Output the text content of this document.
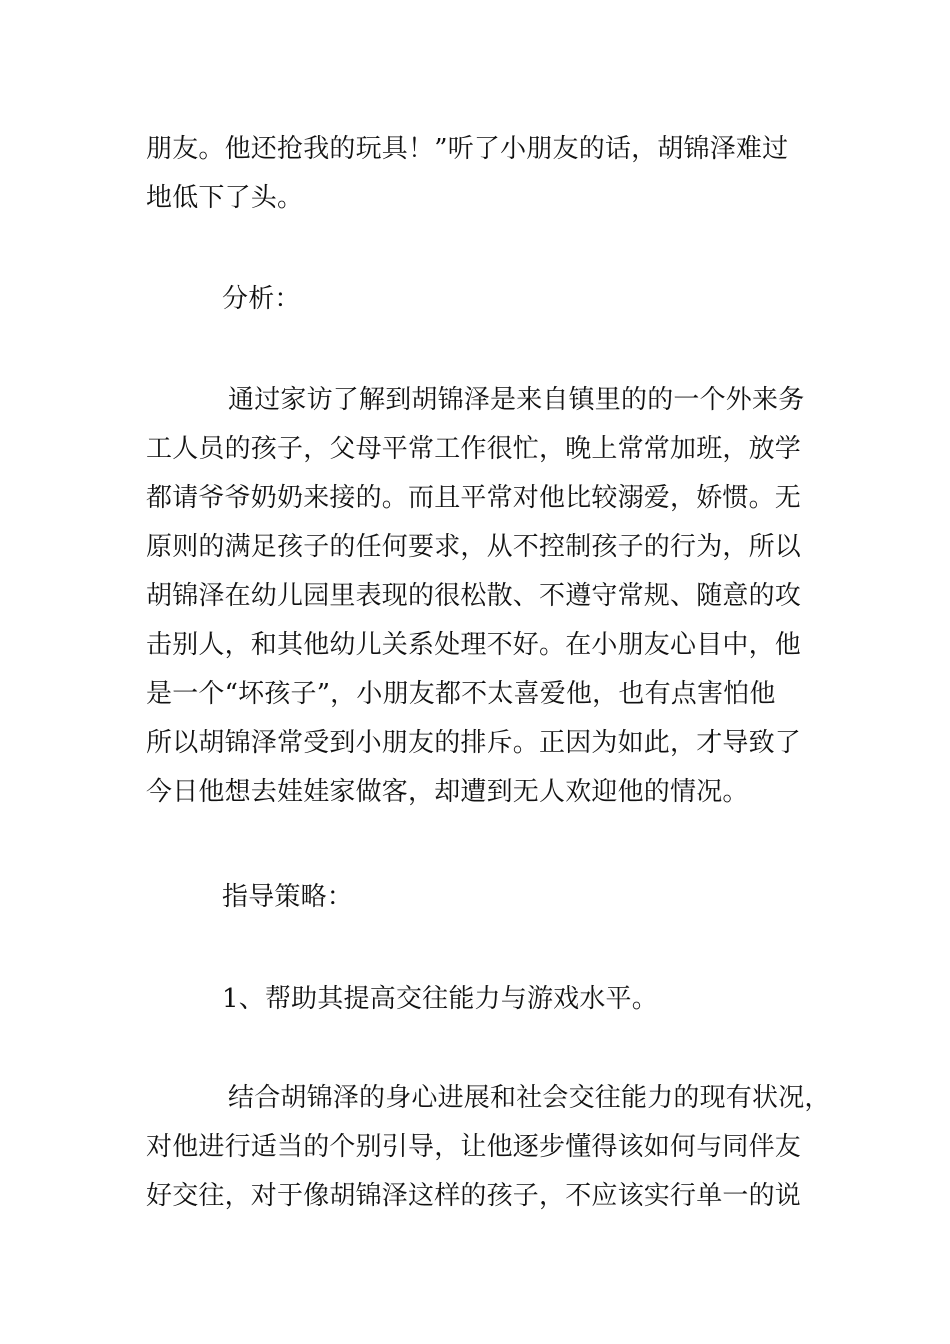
朋友。他还抢我的玩具！”听了小朋友的话，胡锦泽难过
地低下了头。
分析：
通过家访了解到胡锦泽是来自镇里的的一个外来务
工人员的孩子，父母平常工作很忙，晚上常常加班，放学
都请爷爷奶奶来接的。而且平常对他比较溺爱，娇惯。无
原则的满足孩子的任何要求，从不控制孩子的行为，所以
胡锦泽在幼儿园里表现的很松散、不遵守常规、随意的攻
击别人，和其他幼儿关系处理不好。在小朋友心目中，他
是一个“坏孩子”，小朋友都不太喜爱他，也有点害怕他
所以胡锦泽常受到小朋友的排斥。正因为如此，才导致了
今日他想去娃娃家做客，却遭到无人欢迎他的情况。
指导策略：
1、帮助其提高交往能力与游戏水平。
结合胡锦泽的身心进展和社会交往能力的现有状况，
对他进行适当的个别引导，让他逐步懂得该如何与同伴友
好交往，对于像胡锦泽这样的孩子，不应该实行单一的说
